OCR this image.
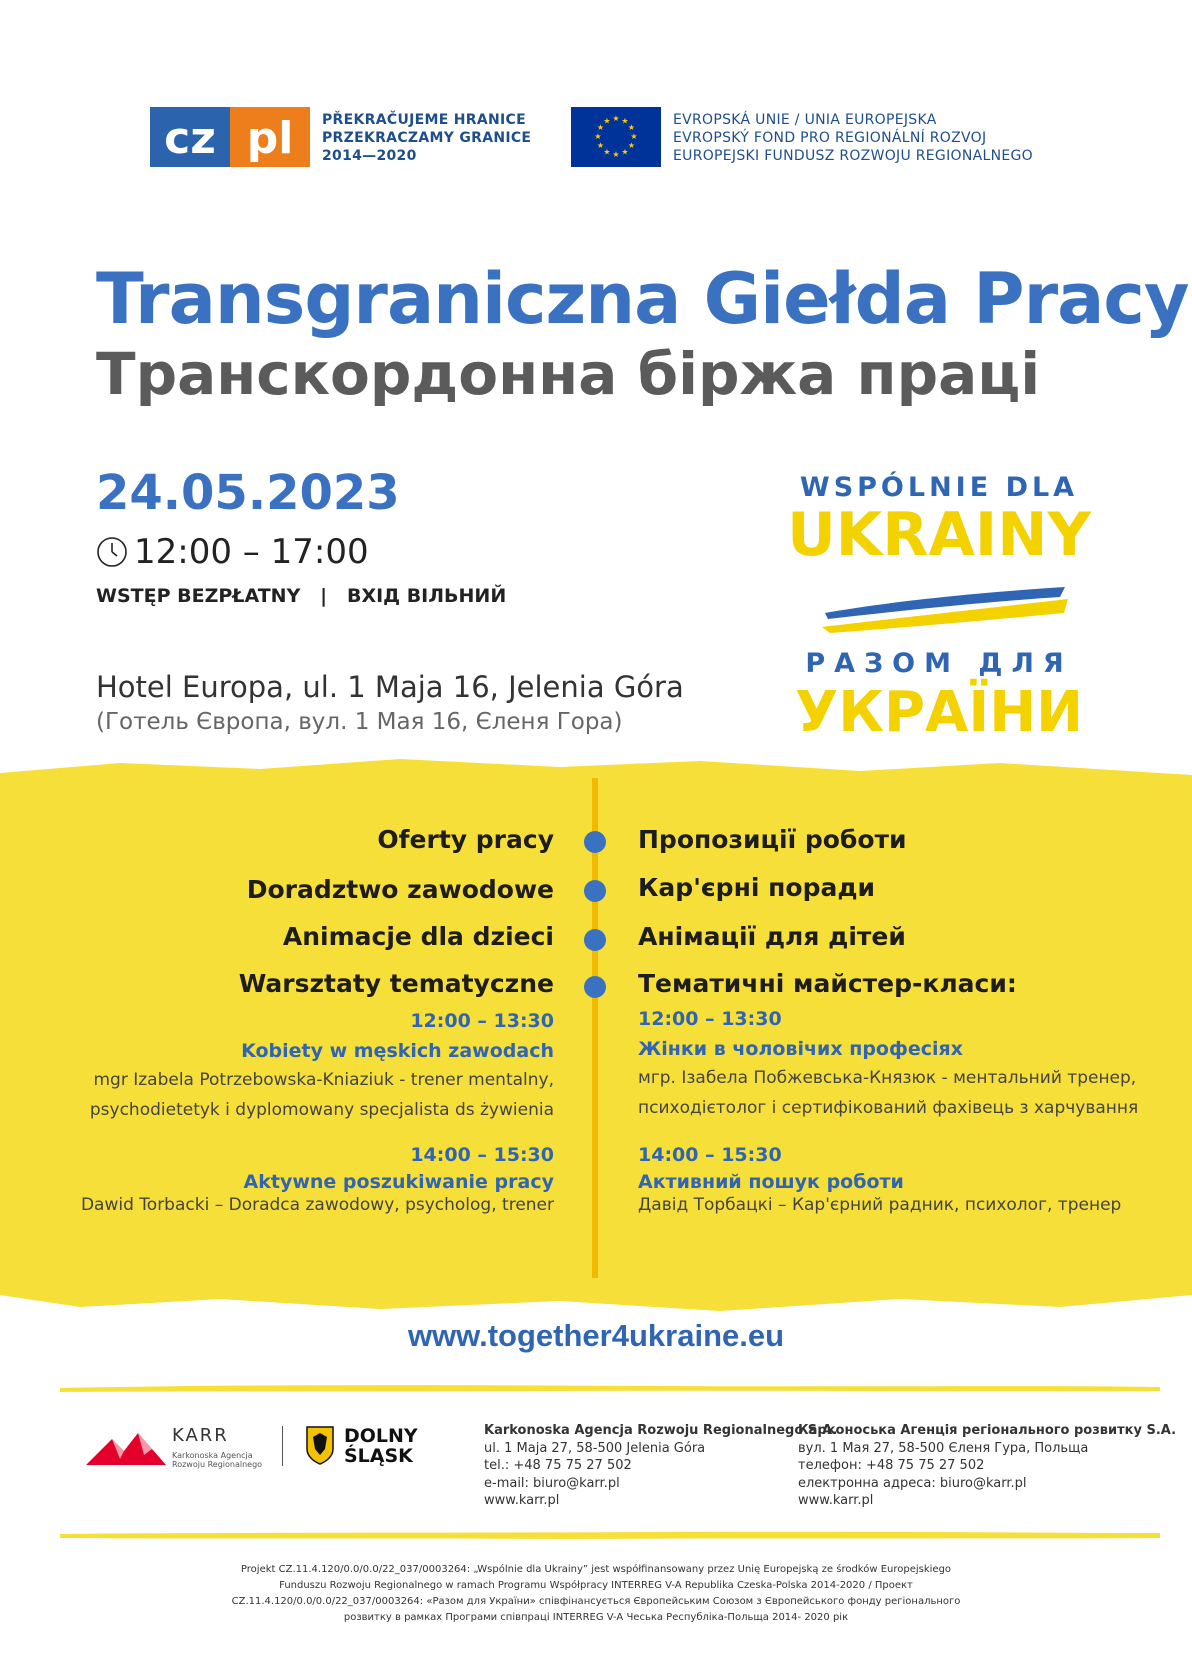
cz pl PŘEKRAČUJEME HRANICE
PRZEKRACZAMY GRANICE
2014—2020
★ ★
★
★
★
★
★
★
★
★
★
★	EVROPSKÁ UNIE / UNIA EUROPEJSKA
EVROPSKÝ FOND PRO REGIONÁLNÍ ROZVOJ
EUROPEJSKI FUNDUSZ ROZWOJU REGIONALNEGO
Transgraniczna Giełda Pracy
Транскордонна біржа праці
24.05.2023
12:00 – 17:00
WSTĘP BEZPŁATNY   |   ВХІД ВІЛЬНИЙ
Hotel Europa, ul. 1 Maja 16, Jelenia Góra
(Готель Європа, вул. 1 Мая 16, Єленя Гора)
WSPÓLNIE DLA
UKRAINY
РАЗОМ ДЛЯ
УКРАЇНИ
Oferty pracy	Пропозиції роботи
Doradztwo zawodowe	Кар'єрні поради
Animacje dla dzieci	Анімації для дітей
Warsztaty tematyczne	Тематичні майстер-класи:
12:00 – 13:30	12:00 – 13:30
Kobiety w męskich zawodach	Жінки в чоловічих професіях
mgr Izabela Potrzebowska-Kniaziuk - trener mentalny,
psychodietetyk i dyplomowany specjalista ds żywienia
мгр. Ізабела Побжевська-Князюк - ментальний тренер,
психодієтолог і сертифікований фахівець з харчування
14:00 – 15:30	14:00 – 15:30
Aktywne poszukiwanie pracy	Активний пошук роботи
Dawid Torbacki – Doradca zawodowy, psycholog, trener	Давід Торбацкі – Кар'єрний радник, психолог, тренер
www.together4ukraine.eu
KARR
Karkonoska Agencja
Rozwoju Regionalnego
DOLNY
ŚLĄSK
Karkonoska Agencja Rozwoju Regionalnego S.A.
ul. 1 Maja 27, 58-500 Jelenia Góra
tel.: +48 75 75 27 502
e-mail: biuro@karr.pl
www.karr.pl
Карконоська Агенція регіонального розвитку S.A.
вул. 1 Мая 27, 58-500 Єленя Гура, Польща
телефон: +48 75 75 27 502
електронна адреса: biuro@karr.pl
www.karr.pl
Projekt CZ.11.4.120/0.0/0.0/22_037/0003264: „Wspólnie dla Ukrainy” jest współfinansowany przez Unię Europejską ze środków Europejskiego
Funduszu Rozwoju Regionalnego w ramach Programu Współpracy INTERREG V-A Republika Czeska-Polska 2014-2020 / Проект
CZ.11.4.120/0.0/0.0/22_037/0003264: «Разом для України» співфінансується Європейським Союзом з Європейського фонду регіонального
розвитку в рамках Програми співпраці INTERREG V-A Чеська Республіка-Польща 2014- 2020 рік
